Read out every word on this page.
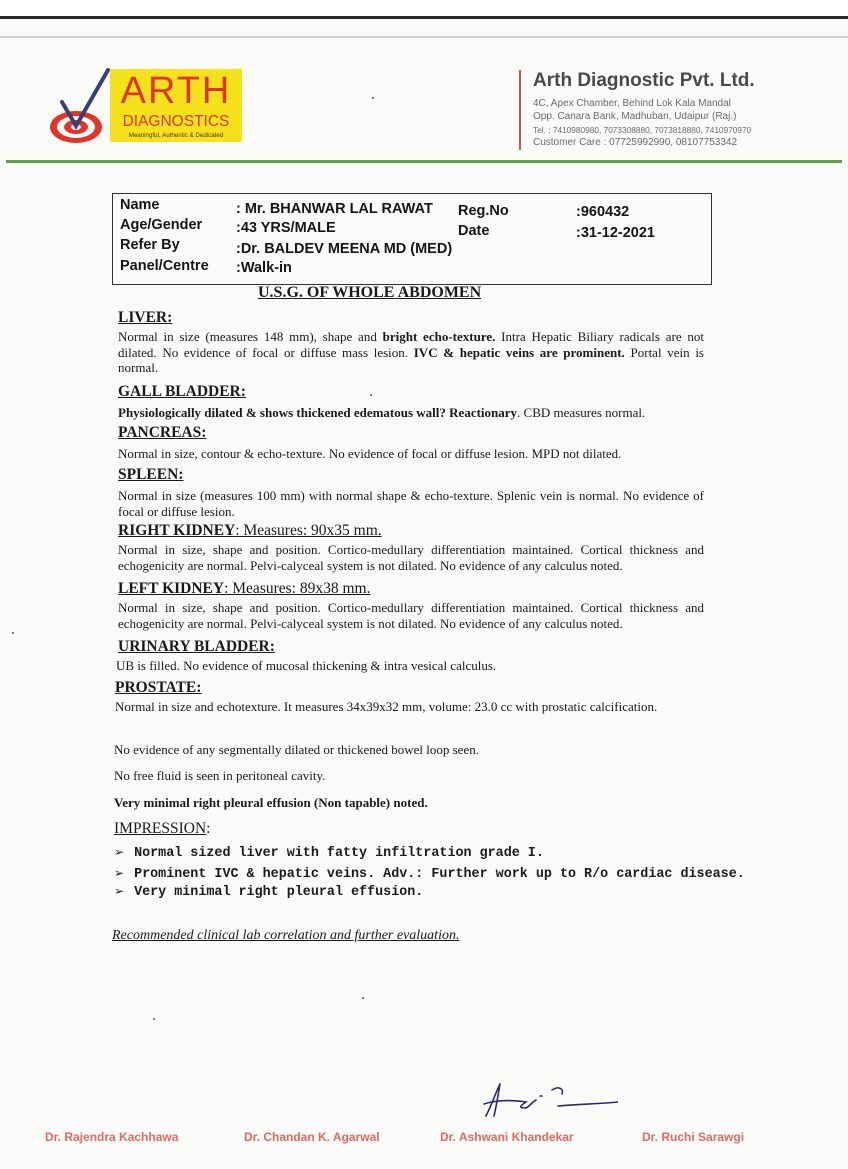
ARTH
DIAGNOSTICS
Meaningful, Authentic & Dedicated
Arth Diagnostic Pvt. Ltd.
4C, Apex Chamber, Behind Lok Kala Mandal
Opp. Canara Bank, Madhuban, Udaipur (Raj.)
Tel. : 7410980980, 7073308880, 7073818880, 7410970970
Customer Care : 07725992990, 08107753342
Name	: Mr. BHANWAR LAL RAWAT
Age/Gender :43 YRS/MALE
Refer By	:Dr. BALDEV MEENA MD (MED)
Panel/Centre :Walk-in
Reg.No	:960432
Date	:31-12-2021
U.S.G. OF WHOLE ABDOMEN
LIVER:
Normal in size (measures 148 mm), shape and bright echo-texture. Intra Hepatic Biliary radicals are not dilated. No evidence of focal or diffuse mass lesion. IVC & hepatic veins are prominent. Portal vein is normal.
GALL BLADDER:
Physiologically dilated & shows thickened edematous wall? Reactionary. CBD measures normal.
PANCREAS:
Normal in size, contour & echo-texture. No evidence of focal or diffuse lesion. MPD not dilated.
SPLEEN:
Normal in size (measures 100 mm) with normal shape & echo-texture. Splenic vein is normal. No evidence of focal or diffuse lesion.
RIGHT KIDNEY: Measures: 90x35 mm.
Normal in size, shape and position. Cortico-medullary differentiation maintained. Cortical thickness and echogenicity are normal. Pelvi-calyceal system is not dilated. No evidence of any calculus noted.
LEFT KIDNEY: Measures: 89x38 mm.
Normal in size, shape and position. Cortico-medullary differentiation maintained. Cortical thickness and echogenicity are normal. Pelvi-calyceal system is not dilated. No evidence of any calculus noted.
URINARY BLADDER:
UB is filled. No evidence of mucosal thickening & intra vesical calculus.
PROSTATE:
Normal in size and echotexture. It measures 34x39x32 mm, volume: 23.0 cc with prostatic calcification.
No evidence of any segmentally dilated or thickened bowel loop seen.
No free fluid is seen in peritoneal cavity.
Very minimal right pleural effusion (Non tapable) noted.
IMPRESSION:
➢ Normal sized liver with fatty infiltration grade I.
➢ Prominent IVC & hepatic veins. Adv.: Further work up to R/o cardiac disease.
➢ Very minimal right pleural effusion.
Recommended clinical lab correlation and further evaluation.
Dr. Rajendra Kachhawa	Dr. Chandan K. Agarwal	Dr. Ashwani Khandekar	Dr. Ruchi Sarawgi
